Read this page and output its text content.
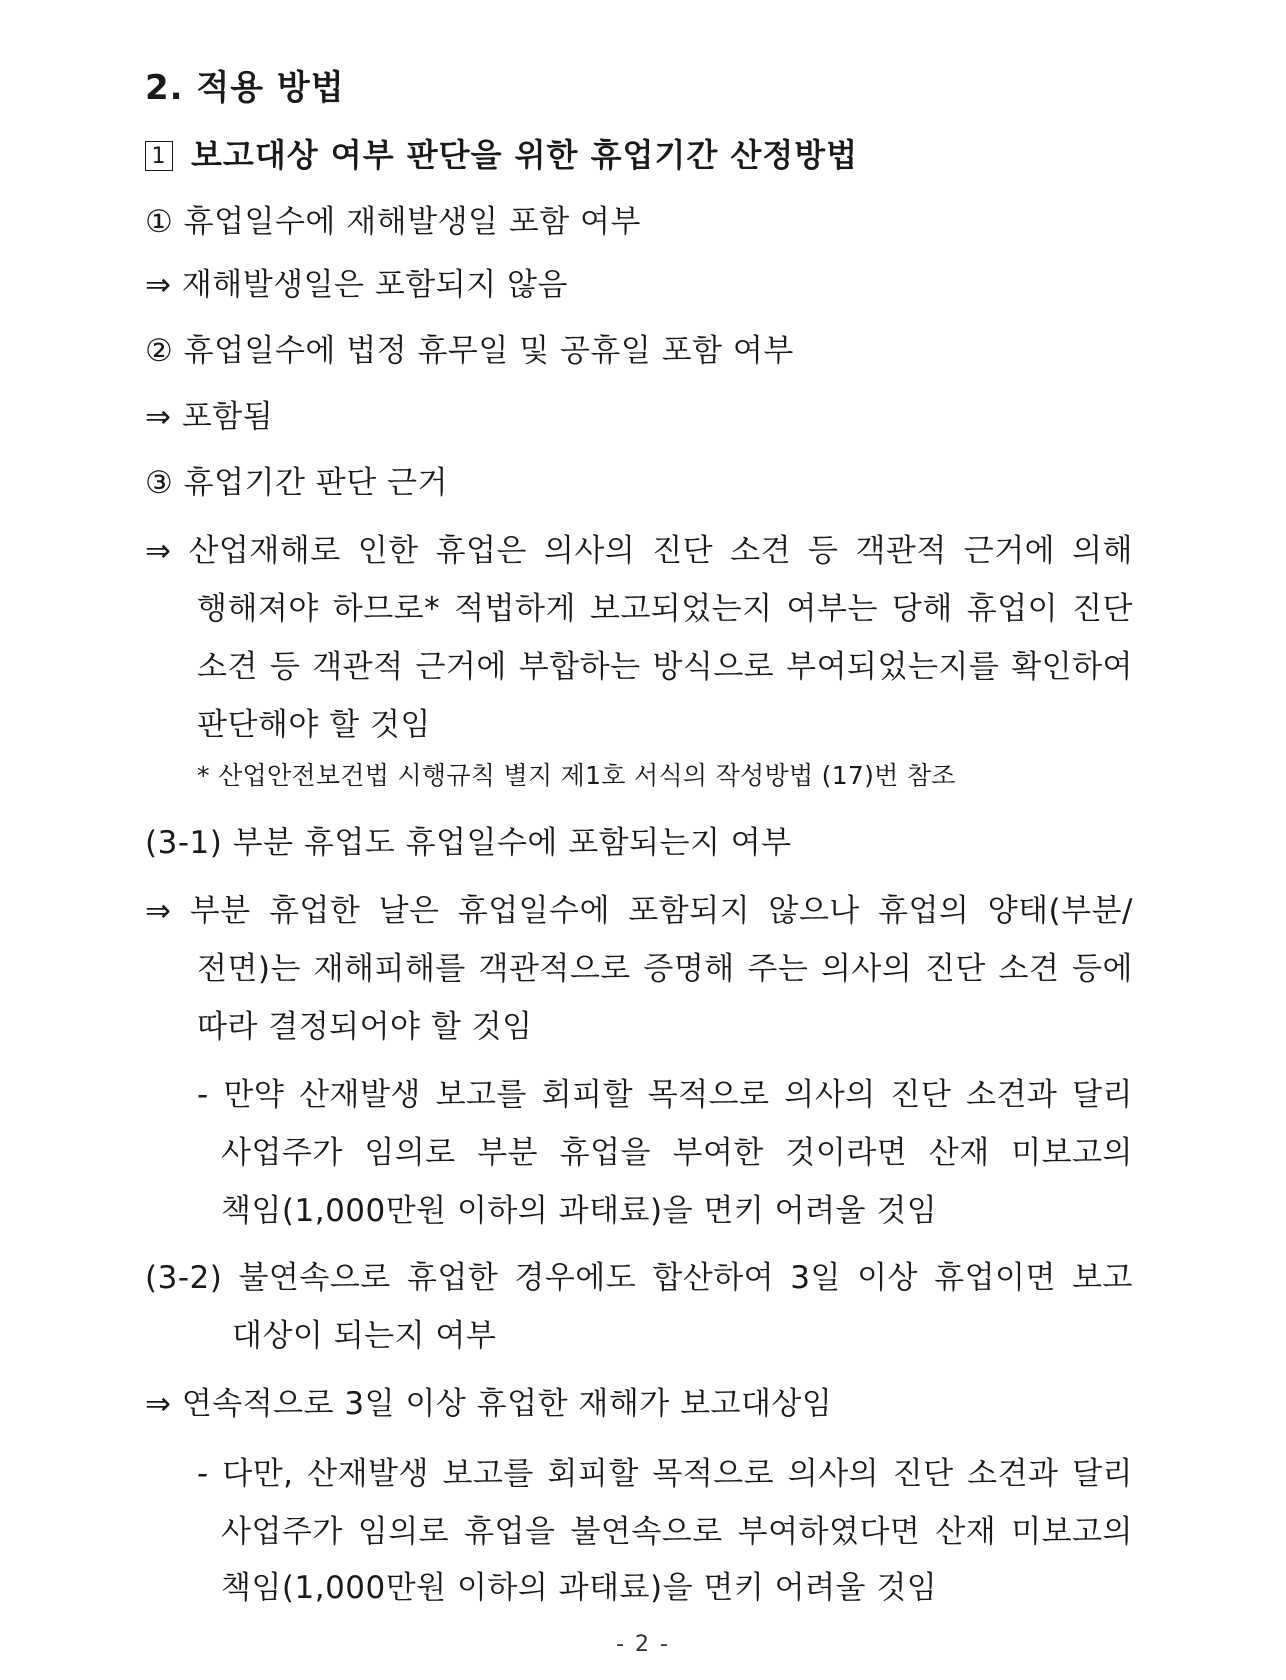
2. 적용 방법
1 보고대상 여부 판단을 위한 휴업기간 산정방법
① 휴업일수에 재해발생일 포함 여부
⇒ 재해발생일은 포함되지 않음
② 휴업일수에 법정 휴무일 및 공휴일 포함 여부
⇒ 포함됨
③ 휴업기간 판단 근거
⇒ 산업재해로 인한 휴업은 의사의 진단 소견 등 객관적 근거에 의해
행해져야 하므로* 적법하게 보고되었는지 여부는 당해 휴업이 진단
소견 등 객관적 근거에 부합하는 방식으로 부여되었는지를 확인하여
판단해야 할 것임
* 산업안전보건법 시행규칙 별지 제1호 서식의 작성방법 (17)번 참조
(3-1) 부분 휴업도 휴업일수에 포함되는지 여부
⇒ 부분 휴업한 날은 휴업일수에 포함되지 않으나 휴업의 양태(부분/
전면)는 재해피해를 객관적으로 증명해 주는 의사의 진단 소견 등에
따라 결정되어야 할 것임
- 만약 산재발생 보고를 회피할 목적으로 의사의 진단 소견과 달리
사업주가 임의로 부분 휴업을 부여한 것이라면 산재 미보고의
책임(1,000만원 이하의 과태료)을 면키 어려울 것임
(3-2) 불연속으로 휴업한 경우에도 합산하여 3일 이상 휴업이면 보고
대상이 되는지 여부
⇒ 연속적으로 3일 이상 휴업한 재해가 보고대상임
- 다만, 산재발생 보고를 회피할 목적으로 의사의 진단 소견과 달리
사업주가 임의로 휴업을 불연속으로 부여하였다면 산재 미보고의
책임(1,000만원 이하의 과태료)을 면키 어려울 것임
- 2 -
